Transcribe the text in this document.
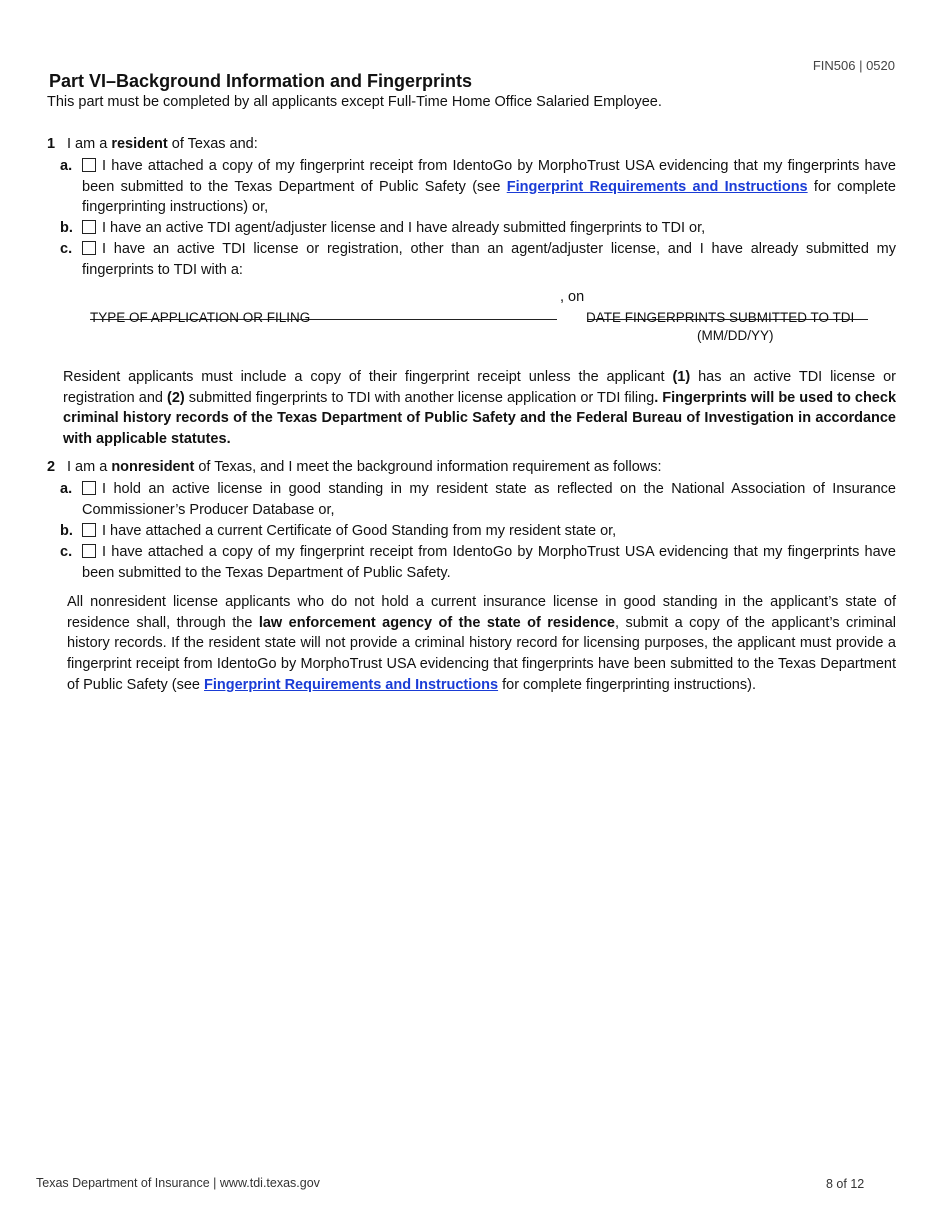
FIN506 | 0520
Part VI–Background Information and Fingerprints
This part must be completed by all applicants except Full-Time Home Office Salaried Employee.
1 I am a resident of Texas and:
a.	I have attached a copy of my fingerprint receipt from IdentoGo by MorphoTrust USA evidencing that my fingerprints have been submitted to the Texas Department of Public Safety (see Fingerprint Requirements and Instructions for complete fingerprinting instructions) or,
b.	I have an active TDI agent/adjuster license and I have already submitted fingerprints to TDI or,
c.	I have an active TDI license or registration, other than an agent/adjuster license, and I have already submitted my fingerprints to TDI with a:

, on

TYPE OF APPLICATION OR FILING	DATE FINGERPRINTS SUBMITTED TO TDI
(MM/DD/YY)
Resident applicants must include a copy of their fingerprint receipt unless the applicant (1) has an active TDI license or registration and (2) submitted fingerprints to TDI with another license application or TDI filing. Fingerprints will be used to check criminal history records of the Texas Department of Public Safety and the Federal Bureau of Investigation in accordance with applicable statutes.
2 I am a nonresident of Texas, and I meet the background information requirement as follows:
a.	I hold an active license in good standing in my resident state as reflected on the National Association of Insurance Commissioner’s Producer Database or,
b.	I have attached a current Certificate of Good Standing from my resident state or,
c.	I have attached a copy of my fingerprint receipt from IdentoGo by MorphoTrust USA evidencing that my fingerprints have been submitted to the Texas Department of Public Safety.
All nonresident license applicants who do not hold a current insurance license in good standing in the applicant’s state of residence shall, through the law enforcement agency of the state of residence, submit a copy of the applicant’s criminal history records. If the resident state will not provide a criminal history record for licensing purposes, the applicant must provide a fingerprint receipt from IdentoGo by MorphoTrust USA evidencing that fingerprints have been submitted to the Texas Department of Public Safety (see Fingerprint Requirements and Instructions for complete fingerprinting instructions).
Texas Department of Insurance | www.tdi.texas.gov	8 of 12
